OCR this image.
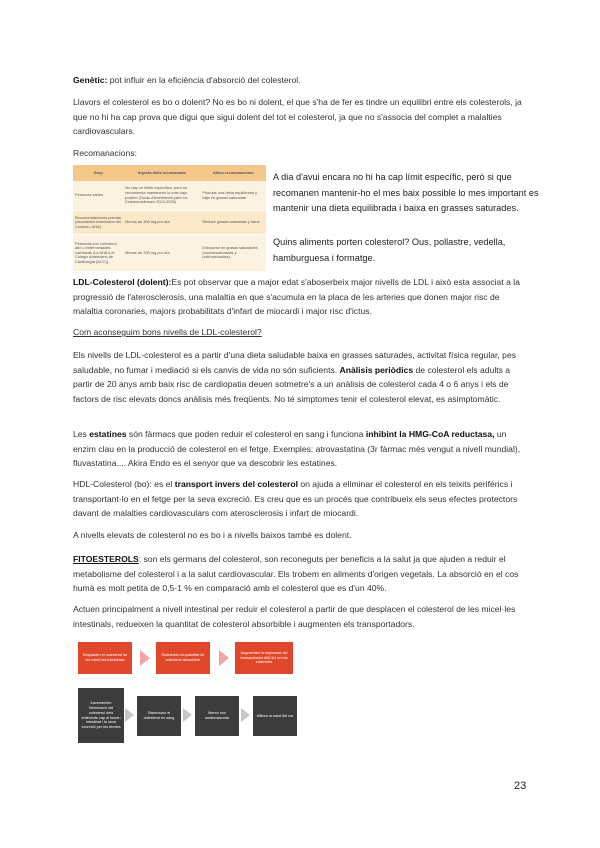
Genètic: pot influir en la eficiència d'absorció del colesterol.

Llavors el colesterol es bo o dolent? No es bo ni dolent, el que s'ha de fer es tindre un equilibri entre els colesterols, ja que no hi ha cap prova que digui que sigui dolent del tot el colesterol, ja que no s'associa del complet a malalties cardiovasculars.

Recomanacions:

Grup	Ingesta dieta recomanada	Altres recomanacions
Persones sanes	No hay un límite específico, pero se recomienda mantenerlo lo más bajo posible (Guías Alimentarias para los Estadounidenses 2020-2025)	Priorizar una dieta equilibrada y baja en grasas saturadas
Recomendaciones previas (Asociación Americana del Corazón, AHA)	Menos de 300 mg por día	Reducir grasas saturadas y trans.
Personas con colesterol alto o enfermedades cardíacas (La AHA y el Colegio Americano de Cardiología (ACC))	Menos de 200 mg por día	Enfocarse en grasas saludables (monoinsaturadas y poliinsaturadas).

A dia d'avui encara no hi ha cap límit específic, però si que recomanen mantenir-ho el mes baix possible lo mes important es mantenir una dieta equilibrada i baixa en grasses saturades.

Quins aliments porten colesterol? Ous, pollastre, vedella, hamburguesa i formatge.

LDL-Colesterol (dolent):Es pot observar que a major edat s'aboserbeix major nivells de LDL i això esta associat a la progressió de l'aterosclerosis, una malaltia en que s'acumula en la placa de les arteries que donen major risc de malaltia coronaries, majors probabilitats d'infart de miocardi i major risc d'ictus.

Com aconseguim bons nivells de LDL-colesterol?

Els nivells de LDL-colesterol es a partir d'una dieta saludable baixa en grasses saturades, activitat física regular, pes saludable, no fumar i mediació si els canvis de vida no són suficients. Anàlisis periòdics de colesterol els adults a partir de 20 anys amb baix risc de cardiopatia deuen sotmetre's a un anàlisis de colesterol cada 4 o 6 anys i els de factors de risc elevats doncs anàlisis més freqüents. No té simptomes tenir el colesterol elevat, es asimptomàtic.

Les estatines són fàrmacs que poden reduir el colesterol en sang i funciona inhibint la HMG-CoA reductasa, un enzim clau en la producció de colesterol en el fetge. Exemples: atrovastatina (3r fàrmac més vengut a nivell mundial), fluvastatina.... Akira Endo es el senyor que va descobrir les estatines.

HDL-Colesterol (bo): es el transport invers del colesterol on ajuda a eliminar el colesterol en els teixits perifèrics i transportant-lo en el fetge per la seva excreció. Es creu que es un procés que contribueix els seus efectes protectors davant de malalties cardiovasculars com aterosclerosis i infart de miocardi.

A nivells elevats de colesterol no es bo i a nivells baixos també es dolent.

FITOESTEROLS: son els germans del colesterol, son reconeguts per beneficis a la salut ja que ajuden a reduir el metabolisme del colesterol i a la salut cardiovascular. Els trobem en aliments d'origen vegetals. La absorció en el cos humà es molt petita de 0,5-1 % en comparació amb el colesterol que es d'un 40%.

Actuen principalment a nivell intestinal per reduir el colesterol a partir de que desplacen el colesterol de les micel·les intestinals, redueixen la quantitat de colesterol absorbible i augmenten els transportadors.

Desplacen el colesterol de les micel·les intestinals
Redueixen la quantitat de colesterol absorbible
Augmenten la expressió del transportador ABCA1 en els enterócits
Incrementen l'eliminació del colesterol dels enterócits cap al lumen intestinal i la seva excreció per les femtes
Disminueix el colesterol en sang
Menor risc cardiovascular
Millora la salut del cor
23
